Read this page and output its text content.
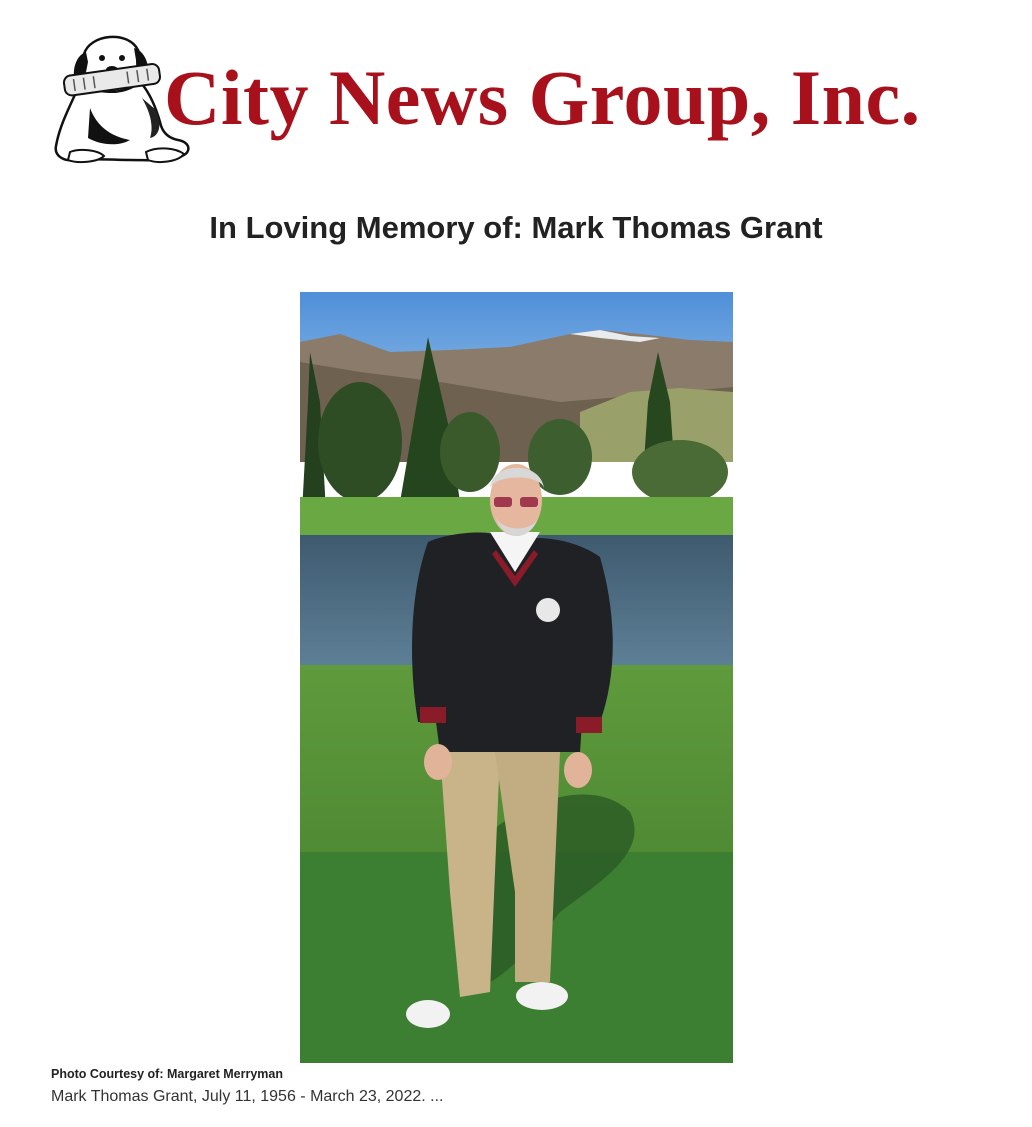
City News Group, Inc.
In Loving Memory of: Mark Thomas Grant
Photo Courtesy of: Margaret Merryman
Mark Thomas Grant, July 11, 1956 - March 23, 2022. ...
